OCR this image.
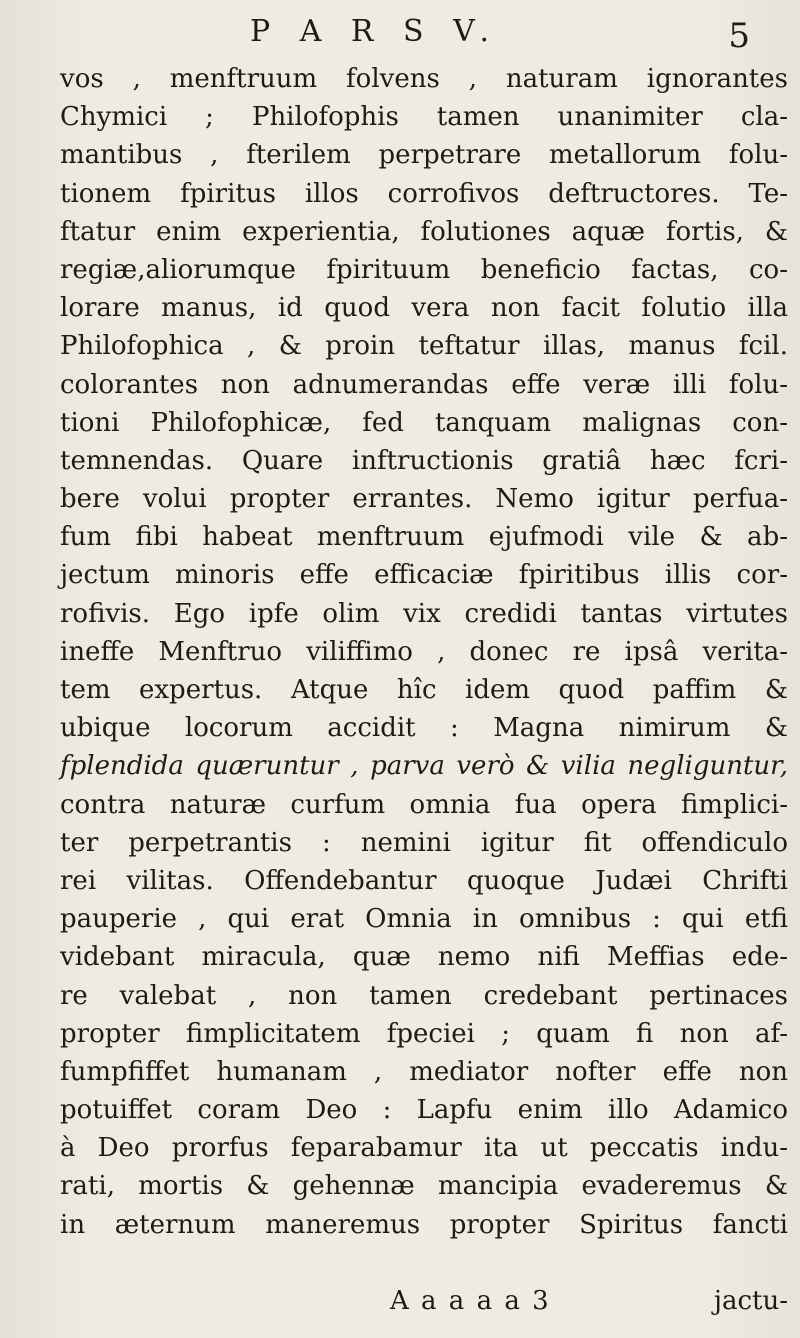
P A R S V.	5
vos , menftruum folvens , naturam ignorantes
Chymici ; Philofophis tamen unanimiter cla-
mantibus , fterilem perpetrare metallorum folu-
tionem fpiritus illos corrofivos deftructores. Te-
ftatur enim experientia, folutiones aquæ fortis, &
regiæ,aliorumque fpirituum beneficio factas, co-
lorare manus, id quod vera non facit folutio illa
Philofophica , & proin teftatur illas, manus fcil.
colorantes non adnumerandas effe veræ illi folu-
tioni Philofophicæ, fed tanquam malignas con-
temnendas. Quare inftructionis gratiâ hæc fcri-
bere volui propter errantes. Nemo igitur perfua-
fum fibi habeat menftruum ejufmodi vile & ab-
jectum minoris effe efficaciæ fpiritibus illis cor-
rofivis. Ego ipfe olim vix credidi tantas virtutes
ineffe Menftruo viliffimo , donec re ipsâ verita-
tem expertus. Atque hîc idem quod paffim &
ubique locorum accidit : Magna nimirum &
fplendida quæruntur , parva verò & vilia negliguntur,
contra naturæ curfum omnia fua opera fimplici-
ter perpetrantis : nemini igitur fit offendiculo
rei vilitas. Offendebantur quoque Judæi Chrifti
pauperie , qui erat Omnia in omnibus : qui etfi
videbant miracula, quæ nemo nifi Meffias ede-
re valebat , non tamen credebant pertinaces
propter fimplicitatem fpeciei ; quam fi non af-
fumpfiffet humanam , mediator nofter effe non
potuiffet coram Deo : Lapfu enim illo Adamico
à Deo prorfus feparabamur ita ut peccatis indu-
rati, mortis & gehennæ mancipia evaderemus &
in æternum maneremus propter Spiritus fancti
A a a a a 3	jactu-
